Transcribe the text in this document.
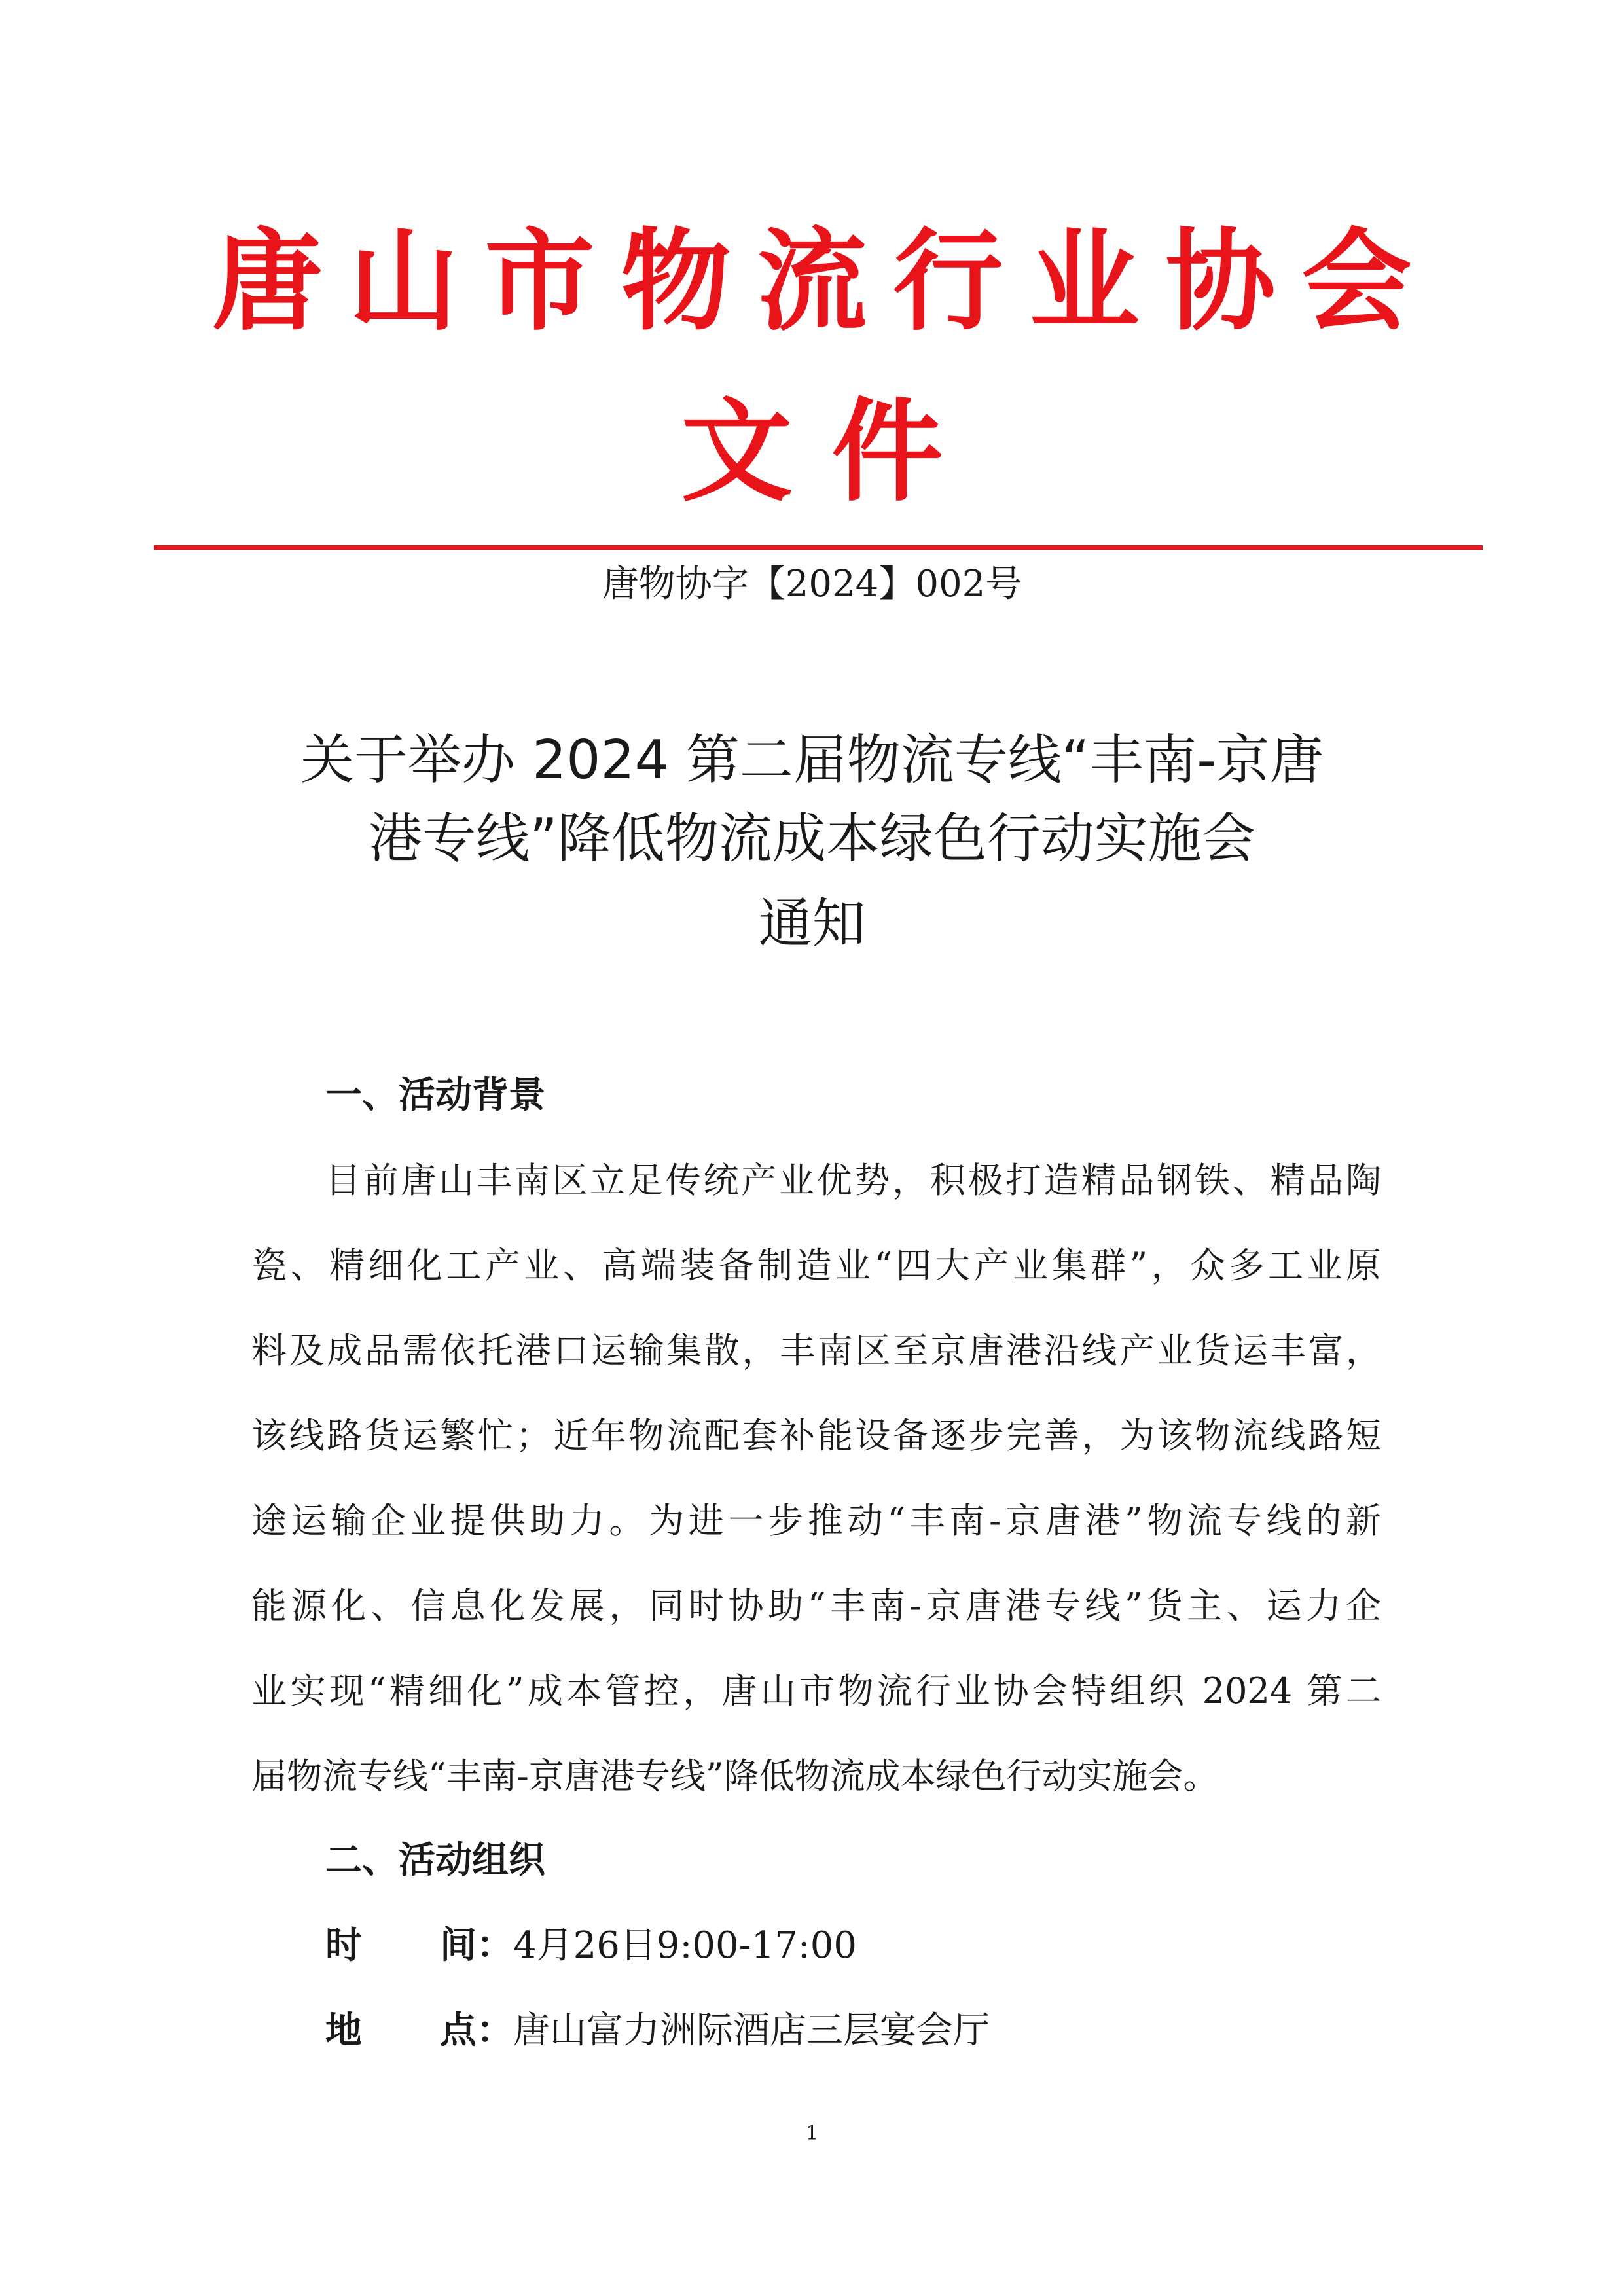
唐山市物流行业协会
文件
唐物协字【2024】002号
关于举办 2024 第二届物流专线“丰南-京唐
港专线”降低物流成本绿色行动实施会
通知
一、活动背景
目前唐山丰南区立足传统产业优势，积极打造精品钢铁、精品陶
瓷、精细化工产业、高端装备制造业“四大产业集群”，众多工业原
料及成品需依托港口运输集散，丰南区至京唐港沿线产业货运丰富，
该线路货运繁忙；近年物流配套补能设备逐步完善，为该物流线路短
途运输企业提供助力。为进一步推动“丰南-京唐港”物流专线的新
能源化、信息化发展，同时协助“丰南-京唐港专线”货主、运力企
业实现“精细化”成本管控，唐山市物流行业协会特组织 2024 第二
届物流专线“丰南-京唐港专线”降低物流成本绿色行动实施会。
二、活动组织
时 间：4月26日9:00-17:00
地 点：唐山富力洲际酒店三层宴会厅
1
